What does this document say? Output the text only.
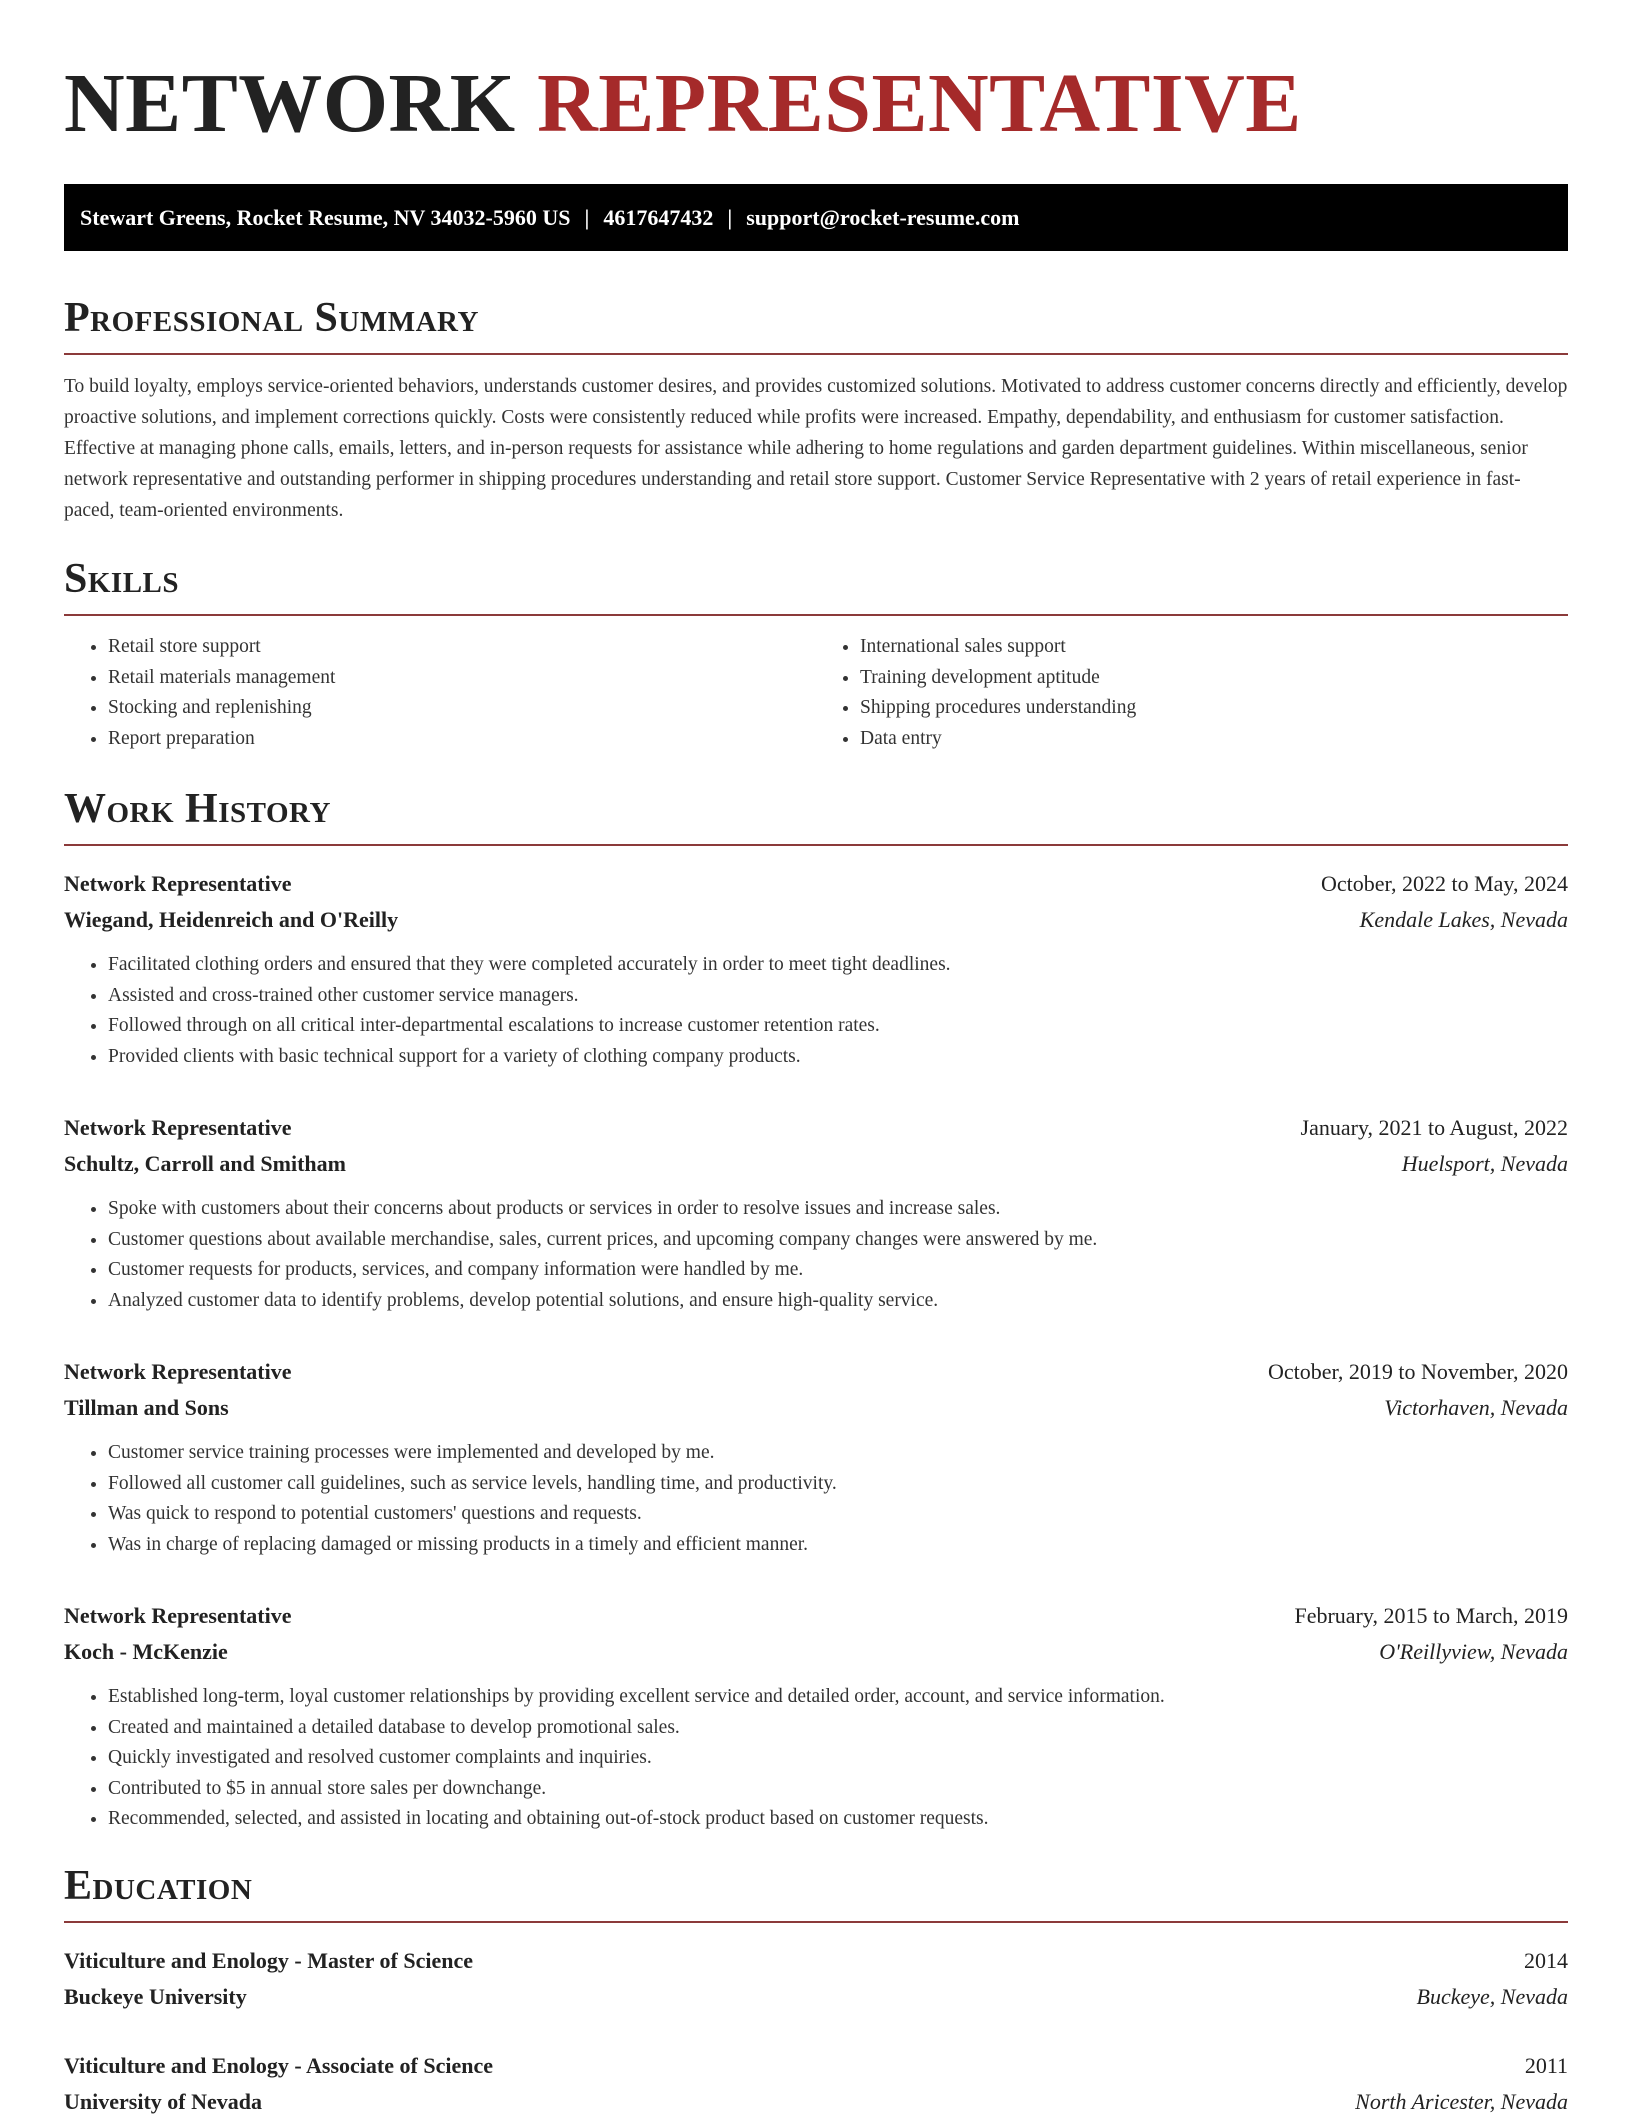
NETWORK REPRESENTATIVE
Stewart Greens, Rocket Resume, NV 34032-5960 US | 4617647432 | support@rocket-resume.com
Professional Summary

To build loyalty, employs service-oriented behaviors, understands customer desires, and provides customized solutions. Motivated to address customer concerns directly and efficiently, develop proactive solutions, and implement corrections quickly. Costs were consistently reduced while profits were increased. Empathy, dependability, and enthusiasm for customer satisfaction. Effective at managing phone calls, emails, letters, and in-person requests for assistance while adhering to home regulations and garden department guidelines. Within miscellaneous, senior network representative and outstanding performer in shipping procedures understanding and retail store support. Customer Service Representative with 2 years of retail experience in fast-paced, team-oriented environments.

Skills
• Retail store support
• Retail materials management
• Stocking and replenishing
• Report preparation
• International sales support
• Training development aptitude
• Shipping procedures understanding
• Data entry
Work History
Network Representative	October, 2022 to May, 2024
Wiegand, Heidenreich and O'Reilly	Kendale Lakes, Nevada
• Facilitated clothing orders and ensured that they were completed accurately in order to meet tight deadlines.
• Assisted and cross-trained other customer service managers.
• Followed through on all critical inter-departmental escalations to increase customer retention rates.
• Provided clients with basic technical support for a variety of clothing company products.
Network Representative	January, 2021 to August, 2022
Schultz, Carroll and Smitham	Huelsport, Nevada
• Spoke with customers about their concerns about products or services in order to resolve issues and increase sales.
• Customer questions about available merchandise, sales, current prices, and upcoming company changes were answered by me.
• Customer requests for products, services, and company information were handled by me.
• Analyzed customer data to identify problems, develop potential solutions, and ensure high-quality service.
Network Representative	October, 2019 to November, 2020
Tillman and Sons	Victorhaven, Nevada
• Customer service training processes were implemented and developed by me.
• Followed all customer call guidelines, such as service levels, handling time, and productivity.
• Was quick to respond to potential customers' questions and requests.
• Was in charge of replacing damaged or missing products in a timely and efficient manner.
Network Representative	February, 2015 to March, 2019
Koch - McKenzie	O'Reillyview, Nevada
• Established long-term, loyal customer relationships by providing excellent service and detailed order, account, and service information.
• Created and maintained a detailed database to develop promotional sales.
• Quickly investigated and resolved customer complaints and inquiries.
• Contributed to $5 in annual store sales per downchange.
• Recommended, selected, and assisted in locating and obtaining out-of-stock product based on customer requests.
Education
Viticulture and Enology - Master of Science	2014
Buckeye University	Buckeye, Nevada
Viticulture and Enology - Associate of Science	2011
University of Nevada	North Aricester, Nevada
